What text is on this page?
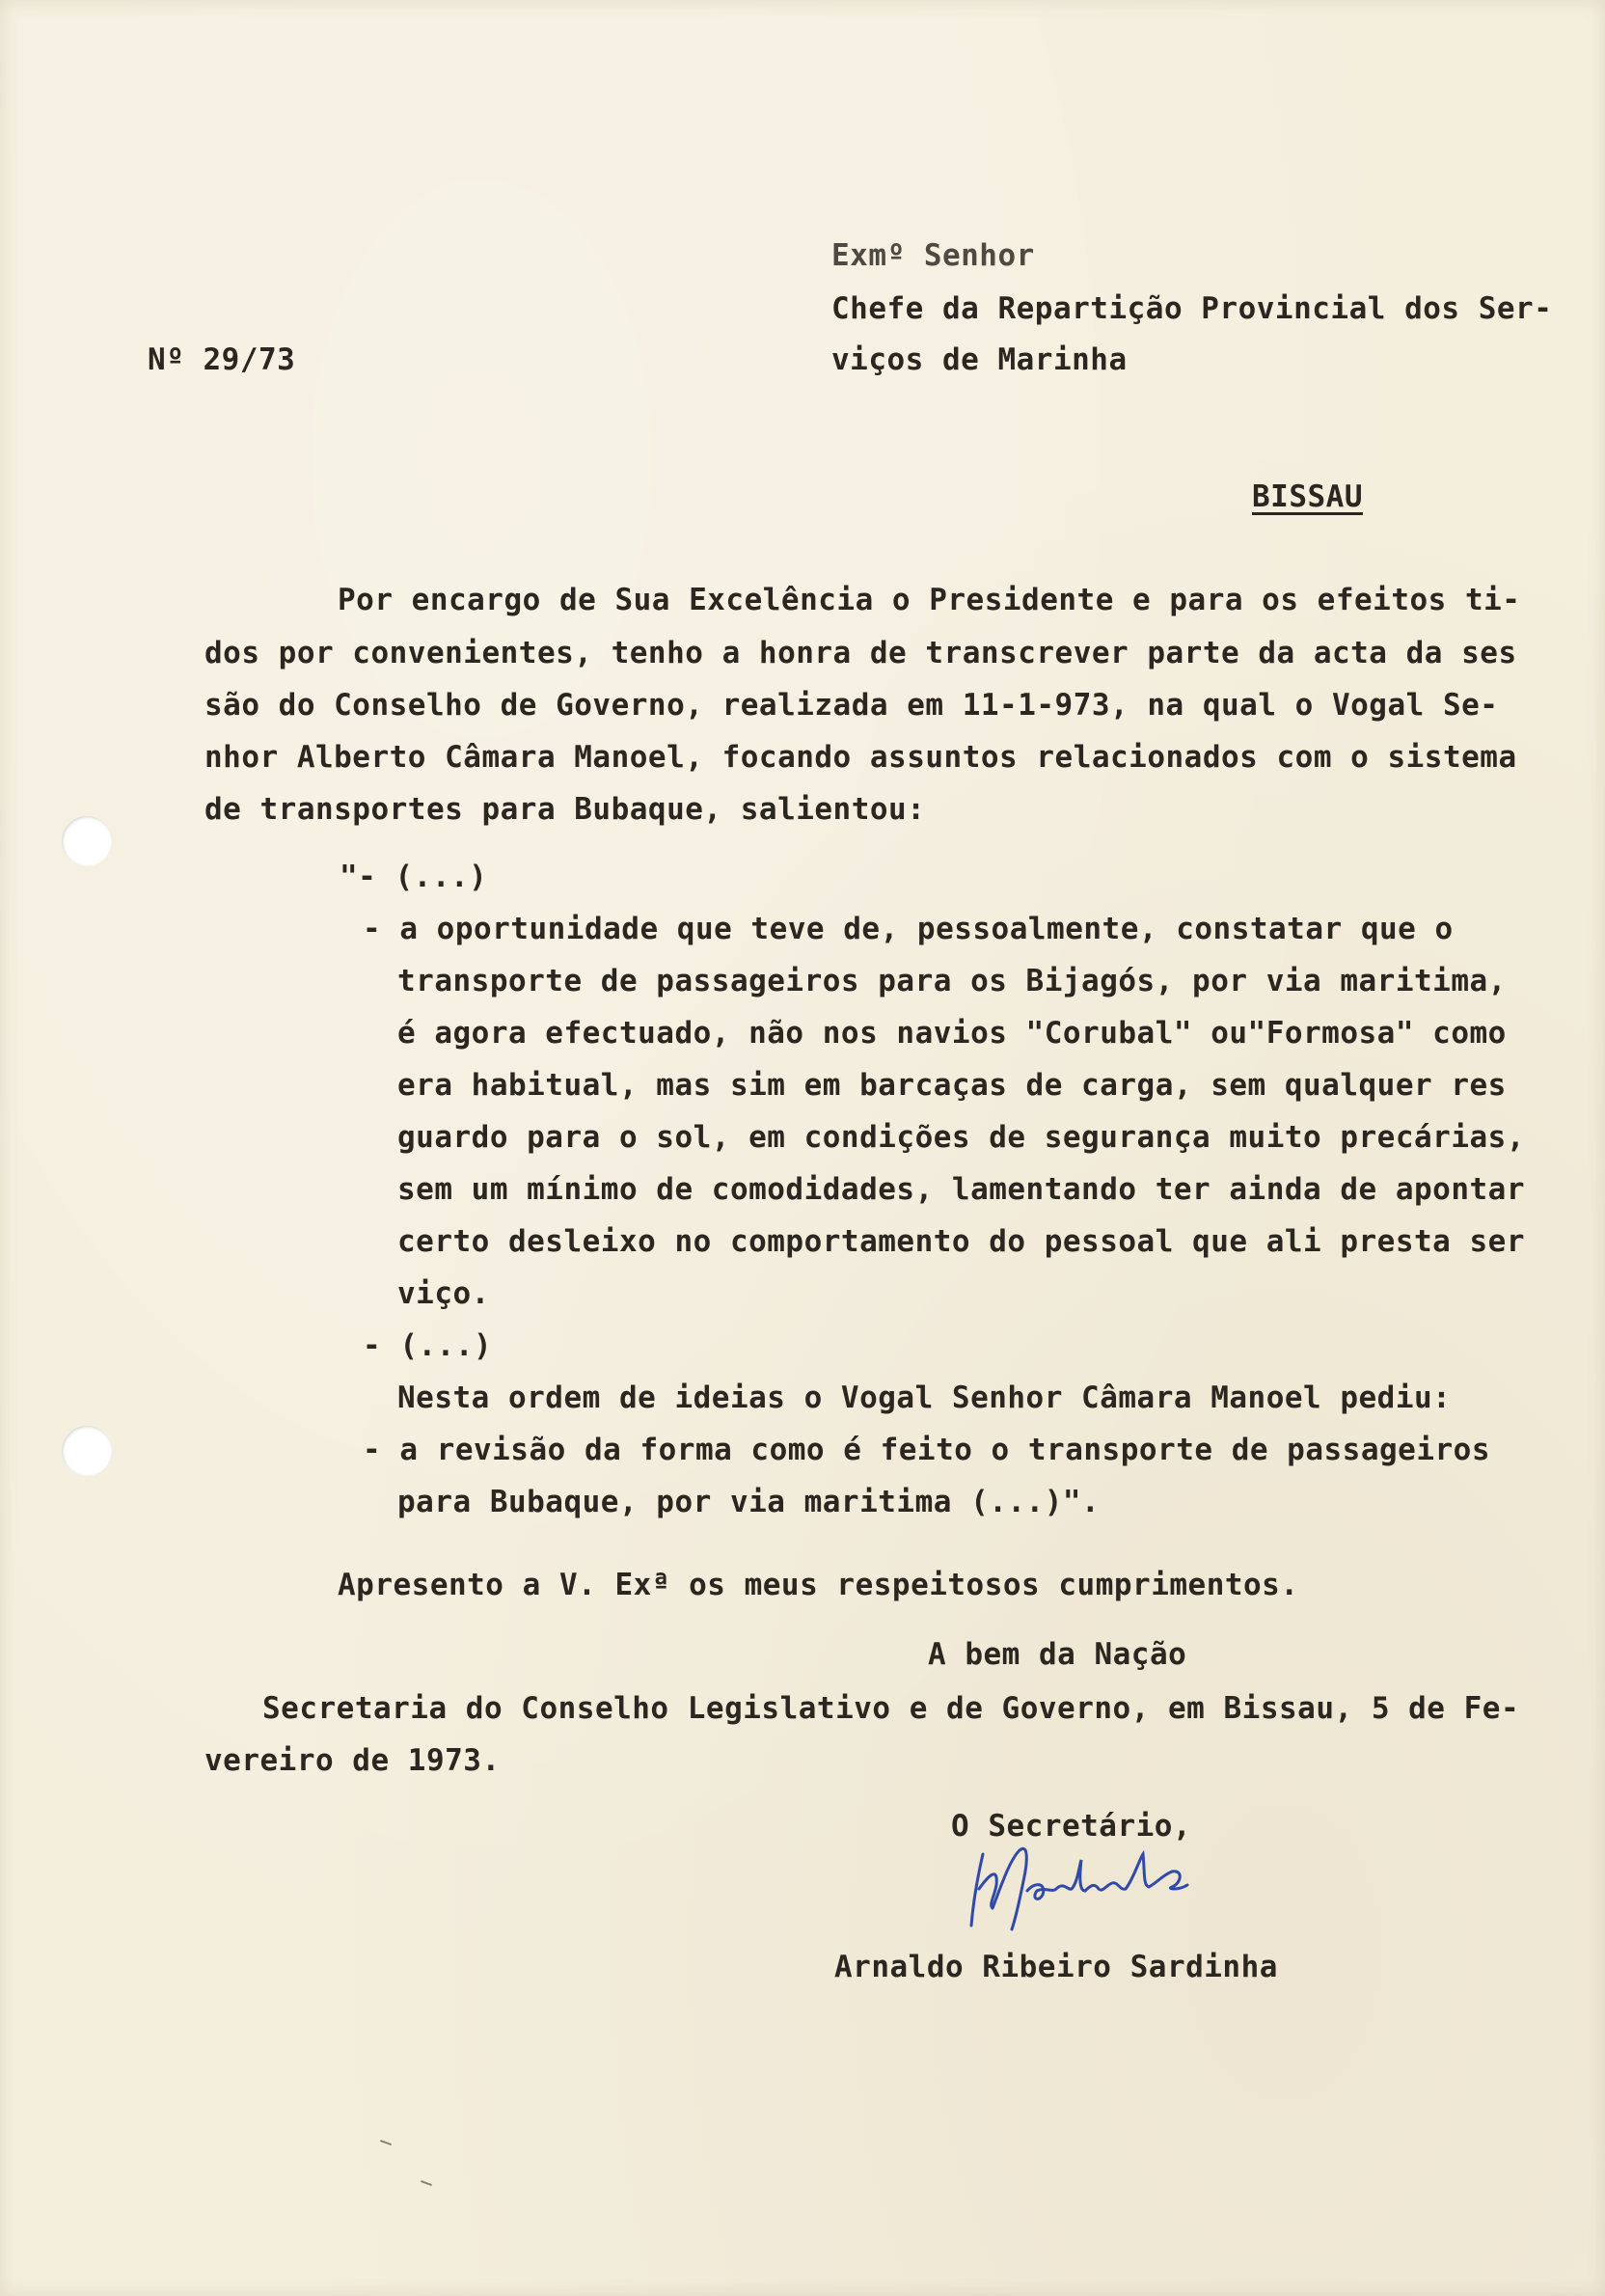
Exmº Senhor
Chefe da Repartição Provincial dos Ser-
Nº 29/73	viços de Marinha
BISSAU
Por encargo de Sua Excelência o Presidente e para os efeitos ti-
dos por convenientes, tenho a honra de transcrever parte da acta da ses
são do Conselho de Governo, realizada em 11-1-973, na qual o Vogal Se-
nhor Alberto Câmara Manoel, focando assuntos relacionados com o sistema
de transportes para Bubaque, salientou:
"- (...)
- a oportunidade que teve de, pessoalmente, constatar que o
transporte de passageiros para os Bijagós, por via maritima,
é agora efectuado, não nos navios "Corubal" ou"Formosa" como
era habitual, mas sim em barcaças de carga, sem qualquer res
guardo para o sol, em condições de segurança muito precárias,
sem um mínimo de comodidades, lamentando ter ainda de apontar
certo desleixo no comportamento do pessoal que ali presta ser
viço.
- (...)
Nesta ordem de ideias o Vogal Senhor Câmara Manoel pediu:
- a revisão da forma como é feito o transporte de passageiros
para Bubaque, por via maritima (...)".
Apresento a V. Exª os meus respeitosos cumprimentos.
A bem da Nação
Secretaria do Conselho Legislativo e de Governo, em Bissau, 5 de Fe-
vereiro de 1973.
O Secretário,
Arnaldo Ribeiro Sardinha
